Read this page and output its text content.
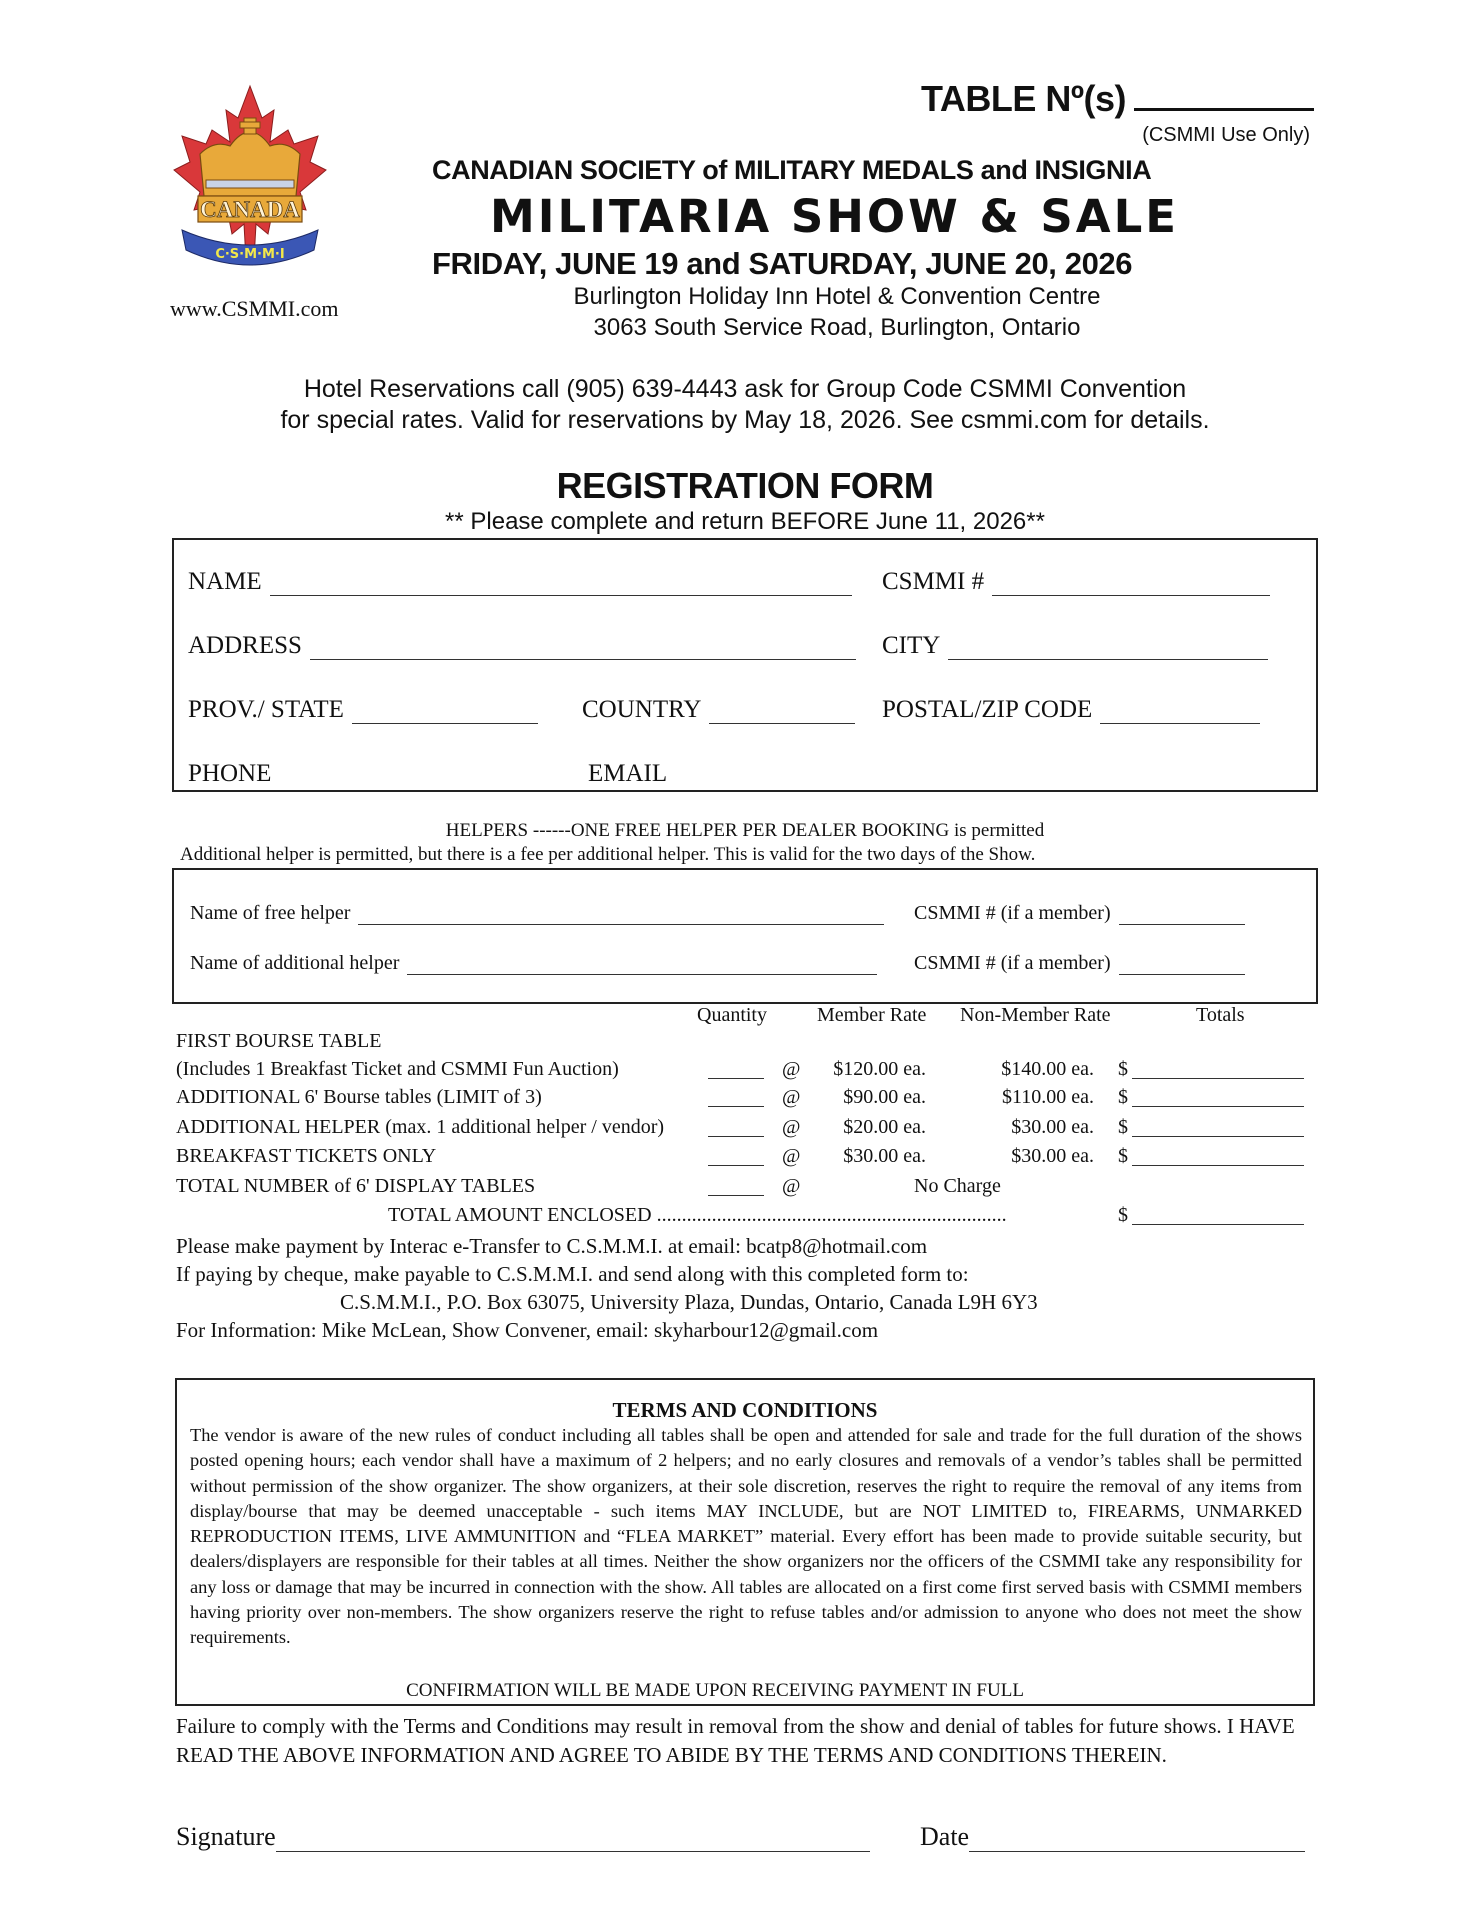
CANADA
C·S·M·M·I
www.CSMMI.com
TABLE Nº(s)
(CSMMI Use Only)
CANADIAN SOCIETY of MILITARY MEDALS and INSIGNIA
MILITARIA SHOW & SALE
FRIDAY, JUNE 19 and SATURDAY, JUNE 20, 2026
Burlington Holiday Inn Hotel & Convention Centre
3063 South Service Road, Burlington, Ontario
Hotel Reservations call (905) 639-4443 ask for Group Code CSMMI Convention
for special rates. Valid for reservations by May 18, 2026. See csmmi.com for details.
REGISTRATION FORM
** Please complete and return BEFORE June 11, 2026**
NAME	CSMMI #
ADDRESS	CITY
PROV./ STATE	COUNTRY	POSTAL/ZIP CODE
PHONE	EMAIL
HELPERS ------ONE FREE HELPER PER DEALER BOOKING is permitted
Additional helper is permitted, but there is a fee per additional helper. This is valid for the two days of the Show.
Name of free helper	CSMMI # (if a member)
Name of additional helper	CSMMI # (if a member)
Quantity	Member Rate Non-Member Rate	Totals
FIRST BOURSE TABLE
(Includes 1 Breakfast Ticket and CSMMI Fun Auction)	@ $120.00 ea.	$140.00 ea. $
ADDITIONAL 6' Bourse tables (LIMIT of 3)	@ $90.00 ea.	$110.00 ea. $
ADDITIONAL HELPER (max. 1 additional helper / vendor)	@ $20.00 ea.	$30.00 ea. $
BREAKFAST TICKETS ONLY	@ $30.00 ea.	$30.00 ea. $
TOTAL NUMBER of 6' DISPLAY TABLES	@	No Charge
TOTAL AMOUNT ENCLOSED ......................................................................	$
Please make payment by Interac e-Transfer to C.S.M.M.I. at email: bcatp8@hotmail.com
If paying by cheque, make payable to C.S.M.M.I. and send along with this completed form to:
C.S.M.M.I., P.O. Box 63075, University Plaza, Dundas, Ontario, Canada L9H 6Y3
For Information: Mike McLean, Show Convener, email: skyharbour12@gmail.com
TERMS AND CONDITIONS
The vendor is aware of the new rules of conduct including all tables shall be open and attended for sale and trade for the full duration of the shows posted opening hours; each vendor shall have a maximum of 2 helpers; and no early closures and removals of a vendor’s tables shall be permitted without permission of the show organizer. The show organizers, at their sole discretion, reserves the right to require the removal of any items from display/bourse that may be deemed unacceptable - such items MAY INCLUDE, but are NOT LIMITED to, FIREARMS, UNMARKED REPRODUCTION ITEMS, LIVE AMMUNITION and “FLEA MARKET” material. Every effort has been made to provide suitable security, but dealers/displayers are responsible for their tables at all times. Neither the show organizers nor the officers of the CSMMI take any responsibility for any loss or damage that may be incurred in connection with the show. All tables are allocated on a first come first served basis with CSMMI members having priority over non-members. The show organizers reserve the right to refuse tables and/or admission to anyone who does not meet the show requirements.
CONFIRMATION WILL BE MADE UPON RECEIVING PAYMENT IN FULL
Failure to comply with the Terms and Conditions may result in removal from the show and denial of tables for future shows. I HAVE READ THE ABOVE INFORMATION AND AGREE TO ABIDE BY THE TERMS AND CONDITIONS THEREIN.
Signature	Date
